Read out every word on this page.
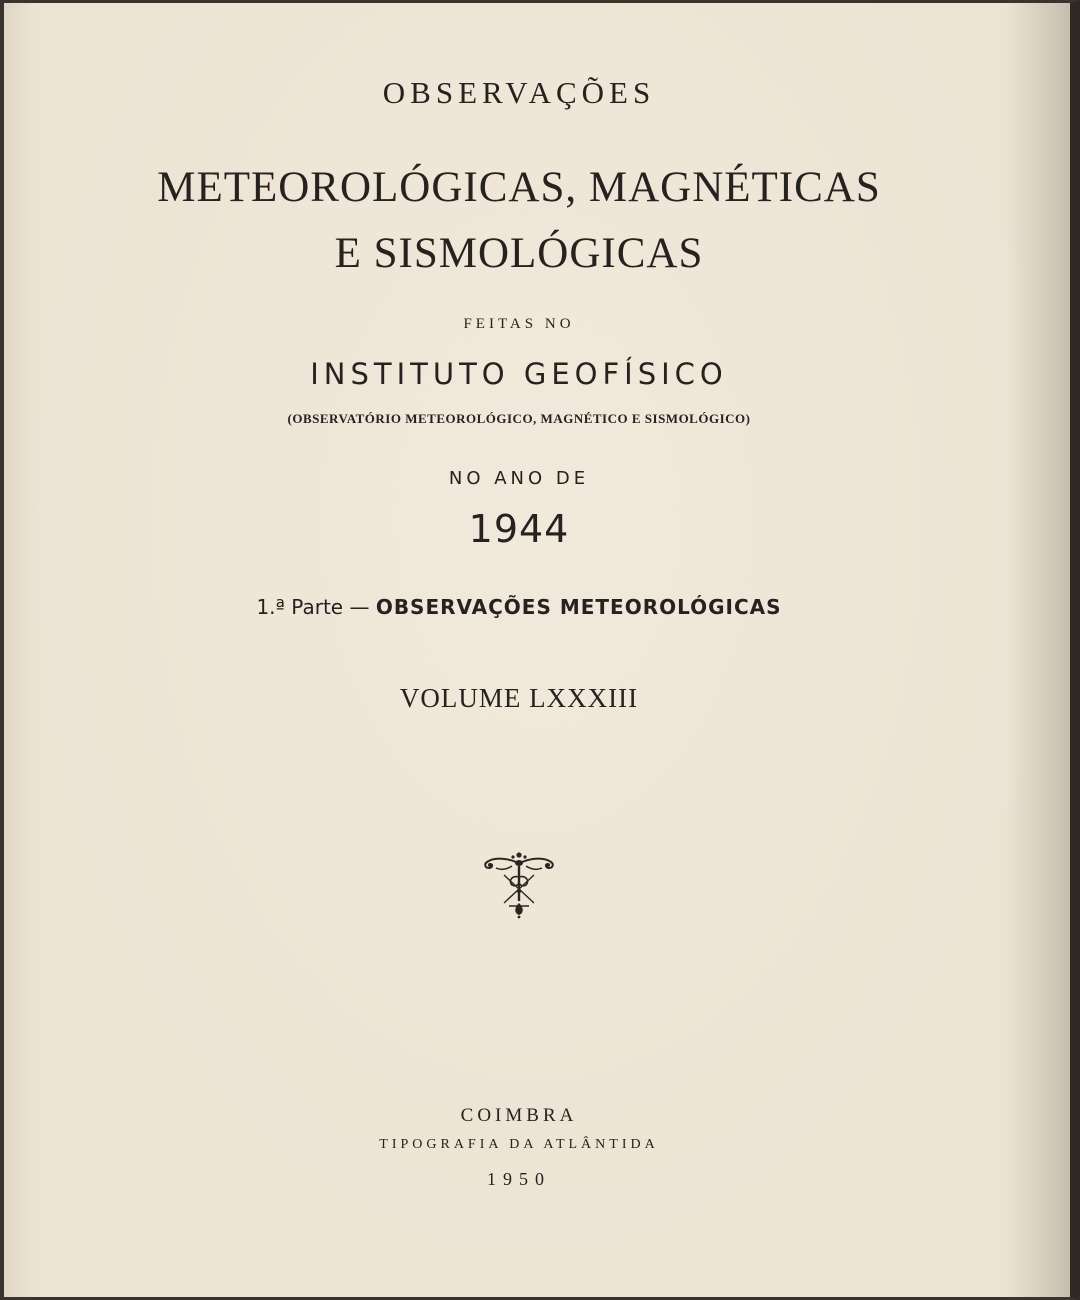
OBSERVAÇÕES
METEOROLÓGICAS, MAGNÉTICAS
E SISMOLÓGICAS
FEITAS NO
INSTITUTO GEOFÍSICO
(OBSERVATÓRIO METEOROLÓGICO, MAGNÉTICO E SISMOLÓGICO)
NO ANO DE
1944
1.ª Parte — OBSERVAÇÕES METEOROLÓGICAS
VOLUME LXXXIII
COIMBRA
TIPOGRAFIA DA ATLÂNTIDA
1950
